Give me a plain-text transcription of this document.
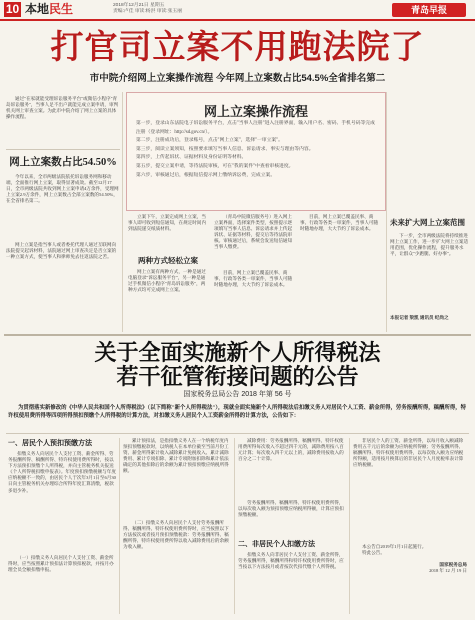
10 本地民生	2018年12月21日 星期五
责编:卢佳 审读:杨洪 审读:张玉丽	青岛早报
打官司立案不用跑法院了
市中院介绍网上立案操作流程 今年网上立案数占比54.5%全省排名第二

通过"在家就能受理诉讼服务平台"或微信小程序"青岛诉讼服务"，当事人足不出户就能完成立案申请，审判机关网上审查立案。为此市中院介绍了网上立案的具体操作流程。

网上立案数占比54.50%

今年以来，全市两级法院依托诉讼服务网和移动端，全面推行网上立案，取得显著成效。截至12月17日，全市两级法院共收到网上立案申请4万余件，受理网上立案2.9万余件，网上立案数占全部立案数的54.50%，在全省排名第二。

网上立案是指当事人或者委托代理人通过互联网向法院提交起诉材料，法院通过网上审查决定是否立案的一种立案方式，使当事人和律师免去往返法院之苦。

网上立案操作流程
第一步，登录山东法院电子诉讼服务平台，点击"当事人注册"进入注册界面，输入用户名、密码、手机号码等完成注册（登录网址：http://sd.gov.cn/）。
第二步，注册成功后，登录账号，点击"网上立案"，选择"一审立案"。
第三步，阅读立案须知，按照要求填写当事人信息、诉讼请求、事实与理由等内容。
第四步，上传起诉状、证据材料及身份证明等材料。
第五步，提交立案申请，等待法院审核，可在"我的案件"中查看审核进度。
第六步，审核通过后，根据短信提示网上缴纳诉讼费，完成立案。

立案下午，立案完成网上立案，当事人即可收到短信通知，在规定时间内到法院递交纸质材料。

两种方式轻松立案

网上立案有两种方式，一种是通过电脑登录"诉讼服务平台"，另一种是通过手机微信小程序"青岛诉讼服务"，两种方式均可完成网上立案。

（青岛中院微信服务号）进入网上立案界面，选择案件类型，按照提示逐项填写当事人信息、诉讼请求并上传起诉状、证据等材料，提交后等待法院审核。审核通过后，系统会发送短信通知当事人缴费。

目前，网上立案已覆盖民事、商事、行政等各类一审案件，当事人可随时随地办理，大大节约了诉讼成本。

目前，网上立案已覆盖民事、商事、行政等各类一审案件，当事人可随时随地办理，大大节约了诉讼成本。

未来扩大网上立案范围

下一步，全市两级法院将持续推进网上立案工作，进一步扩大网上立案适用范围，优化操作流程，提升服务水平，让群众"少跑腿、好办事"。

本报记者 梁凯 通讯员 纪尚之
关于全面实施新个人所得税法
若干征管衔接问题的公告
国家税务总局公告 2018 年第 56 号
为贯彻落实新修改的《中华人民共和国个人所得税法》（以下简称"新个人所得税法"），现就全面实施新个人所得税法后扣缴义务人对居民个人工资、薪金所得，劳务报酬所得，稿酬所得，特许权使用费所得等四项所得预扣预缴个人所得税的计算方法，对扣缴义务人居民个人工资薪金所得的计算方法，公告如下：
一、居民个人预扣预缴方法

扣缴义务人向居民个人支付工资、薪金所得、劳务报酬所得、稿酬所得、特许权使用费所得时，按以下方法预扣预缴个人所得税，并向主管税务机关报送《个人所得税扣缴申报表》。年度预扣预缴税额与年度应纳税额不一致的，由居民个人于次年3月1日至6月30日向主管税务机关办理综合所得年度汇算清缴，税款多退少补。

（一）扣缴义务人向居民个人支付工资、薪金所得时，应当按照累计预扣法计算预扣税款，并按月办理全员全额扣缴申报。

累计预扣法，是指扣缴义务人在一个纳税年度内预扣预缴税款时，以纳税人在本单位截至当前月份工资、薪金所得累计收入减除累计免税收入、累计减除费用、累计专项扣除、累计专项附加扣除和累计依法确定的其他扣除后的余额为累计预扣预缴应纳税所得额。

（二）扣缴义务人向居民个人支付劳务报酬所得、稿酬所得、特许权使用费所得时，应当按照以下方法按次或者按月预扣预缴税款：劳务报酬所得、稿酬所得、特许权使用费所得以收入减除费用后的余额为收入额。

减除费用：劳务报酬所得、稿酬所得、特许权使用费所得每次收入不超过四千元的，减除费用按八百元计算；每次收入四千元以上的，减除费用按收入的百分之二十计算。

劳务报酬所得、稿酬所得、特许权使用费所得，以每次收入额为预扣预缴应纳税所得额，计算应预扣预缴税额。

二、非居民个人扣缴方法

扣缴义务人向非居民个人支付工资、薪金所得，劳务报酬所得，稿酬所得和特许权使用费所得时，应当按以下方法按月或者按次代扣代缴个人所得税。

非居民个人的工资、薪金所得，以每月收入额减除费用五千元后的余额为应纳税所得额；劳务报酬所得、稿酬所得、特许权使用费所得，以每次收入额为应纳税所得额，适用按月换算后的非居民个人月度税率表计算应纳税额。

本公告自2019年1月1日起施行。

特此公告。

国家税务总局
2018 年 12 月 19 日
